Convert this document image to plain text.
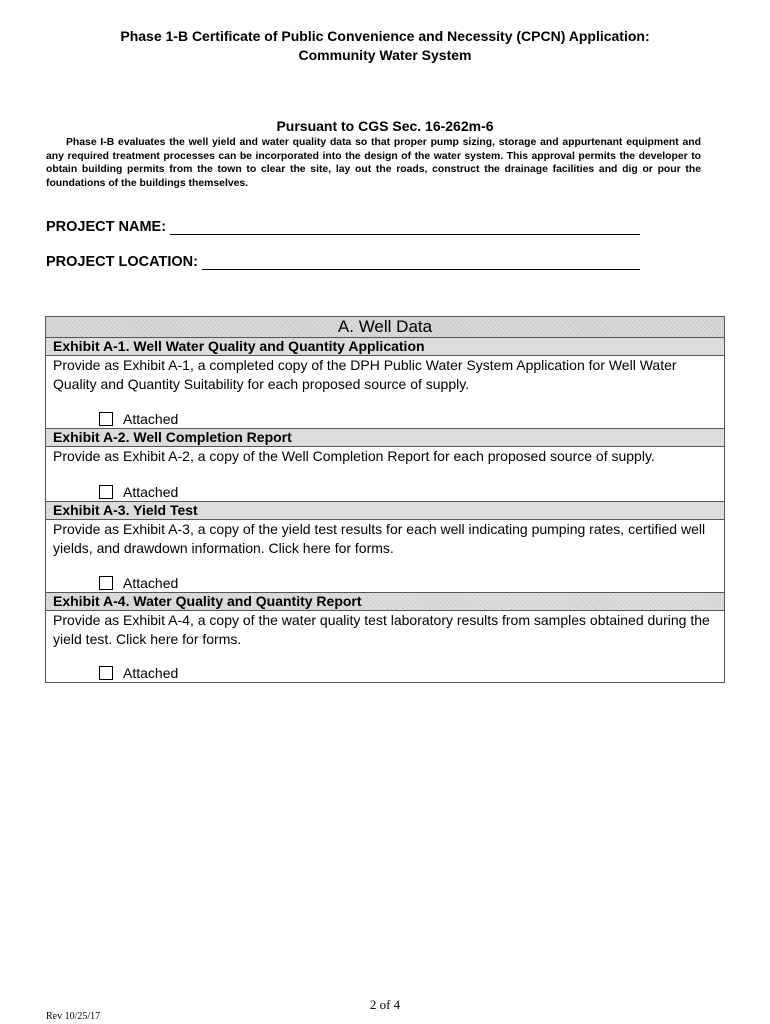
Phase 1-B Certificate of Public Convenience and Necessity (CPCN) Application:
Community Water System
Pursuant to CGS Sec. 16-262m-6
Phase I-B evaluates the well yield and water quality data so that proper pump sizing, storage and appurtenant equipment and any required treatment processes can be incorporated into the design of the water system. This approval permits the developer to obtain building permits from the town to clear the site, lay out the roads, construct the drainage facilities and dig or pour the foundations of the buildings themselves.
PROJECT NAME:
PROJECT LOCATION:
A. Well Data
Exhibit A-1. Well Water Quality and Quantity Application

Provide as Exhibit A-1, a completed copy of the DPH Public Water System Application for Well Water Quality and Quantity Suitability for each proposed source of supply.

Attached
Exhibit A-2. Well Completion Report

Provide as Exhibit A-2, a copy of the Well Completion Report for each proposed source of supply.

Attached
Exhibit A-3. Yield Test

Provide as Exhibit A-3, a copy of the yield test results for each well indicating pumping rates, certified well yields, and drawdown information. Click here for forms.

Attached
Exhibit A-4. Water Quality and Quantity Report

Provide as Exhibit A-4, a copy of the water quality test laboratory results from samples obtained during the yield test. Click here for forms.

Attached
2 of 4
Rev 10/25/17
